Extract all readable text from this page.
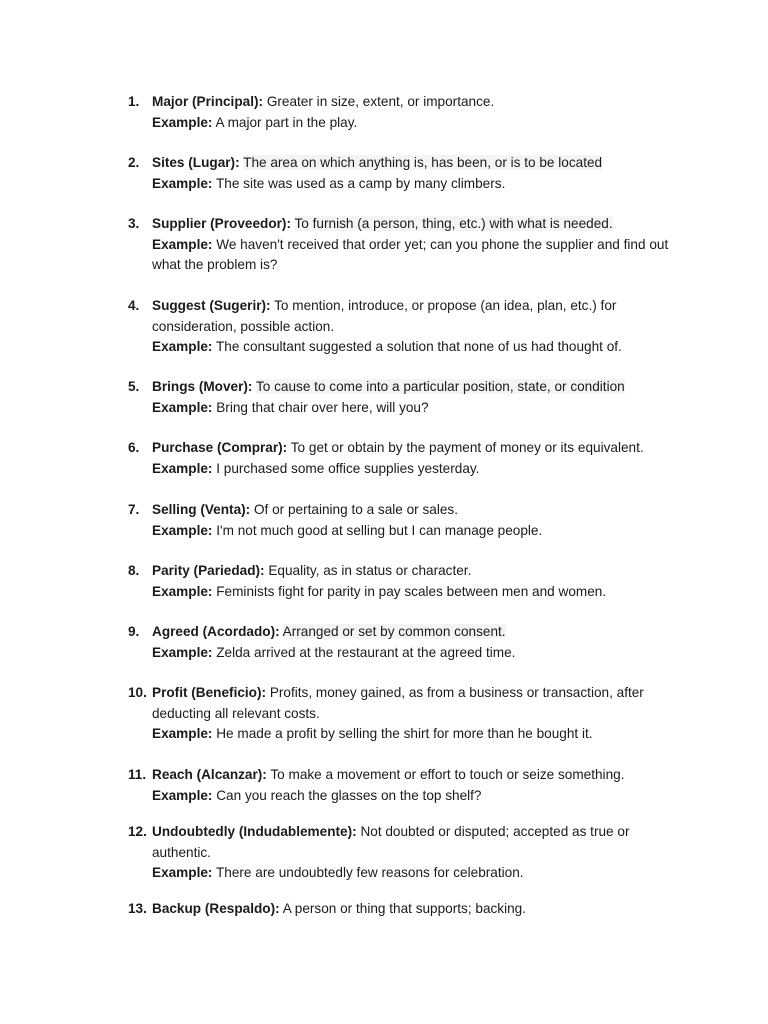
1. Major (Principal): Greater in size, extent, or importance.
Example: A major part in the play.
2. Sites (Lugar): The area on which anything is, has been, or is to be located
Example: The site was used as a camp by many climbers.
3. Supplier (Proveedor): To furnish (a person, thing, etc.) with what is needed.
Example: We haven't received that order yet; can you phone the supplier and find out what the problem is?
4. Suggest (Sugerir): To mention, introduce, or propose (an idea, plan, etc.) for consideration, possible action.
Example: The consultant suggested a solution that none of us had thought of.
5. Brings (Mover): To cause to come into a particular position, state, or condition
Example: Bring that chair over here, will you?
6. Purchase (Comprar): To get or obtain by the payment of money or its equivalent.
Example: I purchased some office supplies yesterday.
7. Selling (Venta): Of or pertaining to a sale or sales.
Example: I'm not much good at selling but I can manage people.
8. Parity (Pariedad): Equality, as in status or character.
Example: Feminists fight for parity in pay scales between men and women.
9. Agreed (Acordado): Arranged or set by common consent.
Example: Zelda arrived at the restaurant at the agreed time.
10. Profit (Beneficio): Profits, money gained, as from a business or transaction, after deducting all relevant costs.
Example: He made a profit by selling the shirt for more than he bought it.
11. Reach (Alcanzar): To make a movement or effort to touch or seize something.
Example: Can you reach the glasses on the top shelf?
12. Undoubtedly (Indudablemente): Not doubted or disputed; accepted as true or authentic.
Example: There are undoubtedly few reasons for celebration.
13. Backup (Respaldo): A person or thing that supports; backing.
